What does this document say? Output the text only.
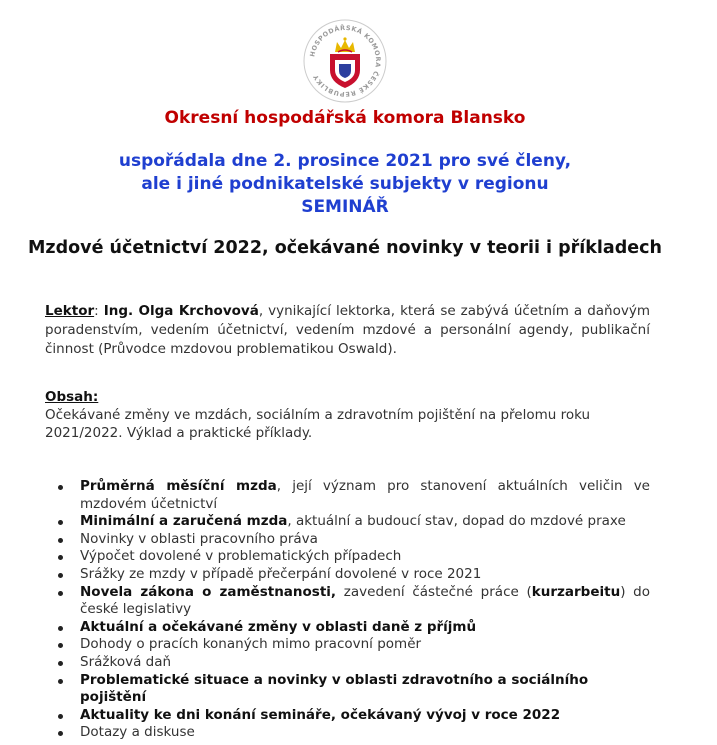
HOSPODÁŘSKÁ KOMORA ČESKÉ REPUBLIKY
Okresní hospodářská komora Blansko
uspořádala dne 2. prosince 2021 pro své členy,
ale i jiné podnikatelské subjekty v regionu
SEMINÁŘ
Mzdové účetnictví 2022, očekávané novinky v teorii i příkladech
Lektor: Ing. Olga Krchovová, vynikající lektorka, která se zabývá účetním a daňovým poradenstvím, vedením účetnictví, vedením mzdové a personální agendy, publikační činnost (Průvodce mzdovou problematikou Oswald).
Obsah:
Očekávané změny ve mzdách, sociálním a zdravotním pojištění na přelomu roku 2021/2022. Výklad a praktické příklady.
Průměrná měsíční mzda, její význam pro stanovení aktuálních veličin ve mzdovém účetnictví
Minimální a zaručená mzda, aktuální a budoucí stav, dopad do mzdové praxe
Novinky v oblasti pracovního práva
Výpočet dovolené v problematických případech
Srážky ze mzdy v případě přečerpání dovolené v roce 2021
Novela zákona o zaměstnanosti, zavedení částečné práce (kurzarbeitu) do české legislativy
Aktuální a očekávané změny v oblasti daně z příjmů
Dohody o pracích konaných mimo pracovní poměr
Srážková daň
Problematické situace a novinky v oblasti zdravotního a sociálního pojištění
Aktuality ke dni konání semináře, očekávaný vývoj v roce 2022
Dotazy a diskuse
